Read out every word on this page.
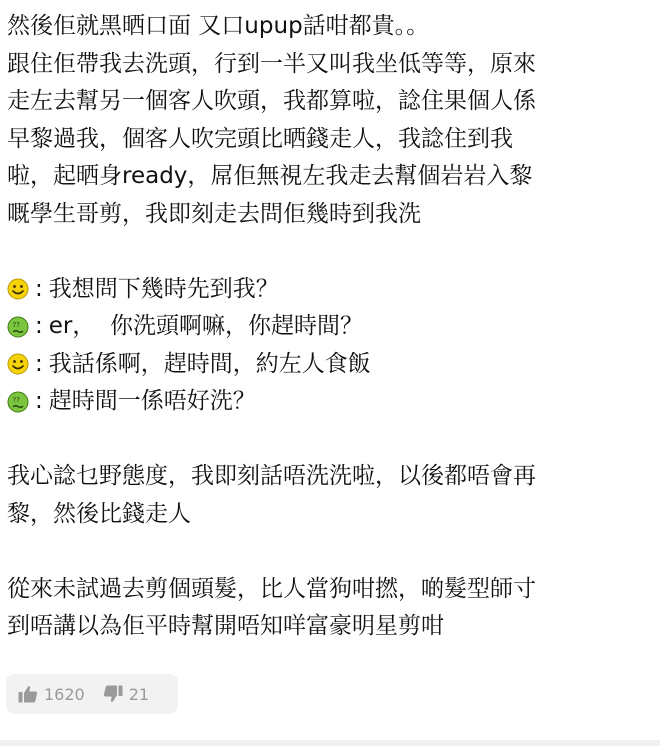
然後佢就黑晒口面 又口upup話咁都貴。。
跟住佢帶我去洗頭，行到一半又叫我坐低等等，原來
走左去幫另一個客人吹頭，我都算啦，諗住果個人係
早黎過我，個客人吹完頭比晒錢走人，我諗住到我
啦，起晒身ready，屌佢無視左我走去幫個岩岩入黎
嘅學生哥剪，我即刻走去問佢幾時到我洗
: 我想問下幾時先到我？
?? : er，  你洗頭啊嘛，你趕時間？
: 我話係啊，趕時間，約左人食飯
?? : 趕時間一係唔好洗？
我心諗乜野態度，我即刻話唔洗洗啦，以後都唔會再
黎，然後比錢走人
從來未試過去剪個頭髮，比人當狗咁撚，啲髮型師寸
到唔講以為佢平時幫開唔知咩富豪明星剪咁
1620	21
